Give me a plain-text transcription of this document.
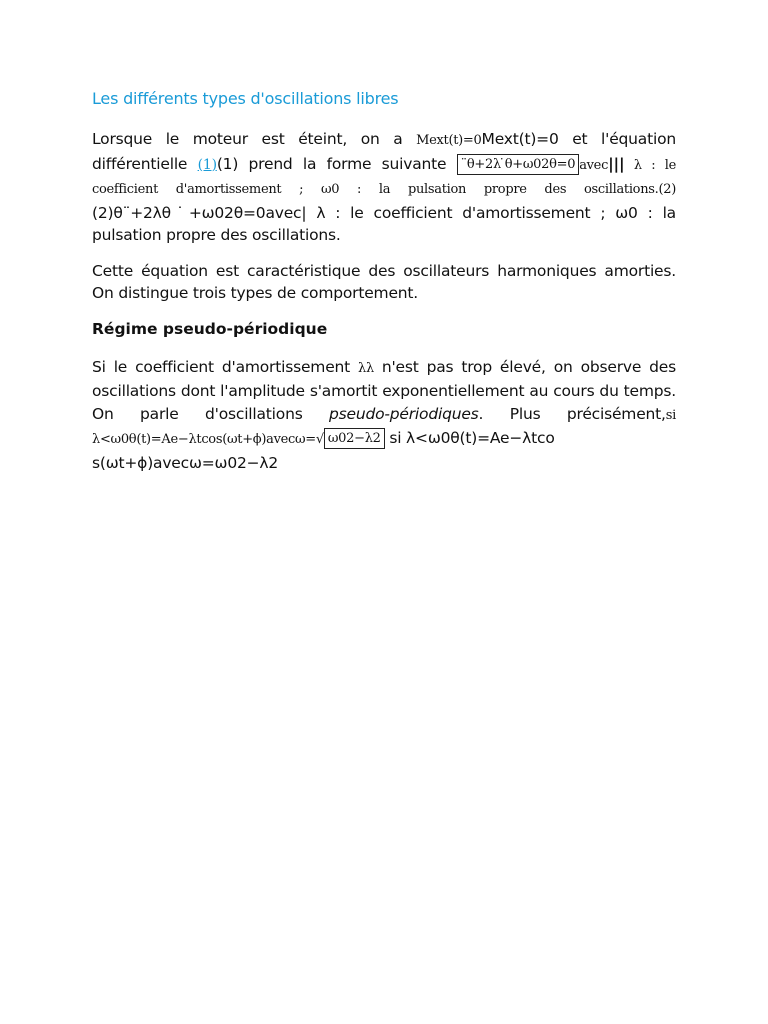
Les différents types d'oscillations libres

Lorsque le moteur est éteint, on a Mext(t)=0Mext(t)=0 et l'équation différentielle (1)(1) prend la forme suivante ¨θ+2λ ̇θ+ω02θ=0 avec||| λ : le coefficient d'amortissement ; ω0 : la pulsation propre des oscillations.(2) (2)θ¨+2λθ˙+ω02θ=0avec| λ : le coefficient d'amortissement ; ω0 : la pulsation propre des oscillations.

Cette équation est caractéristique des oscillateurs harmoniques amorties. On distingue trois types de comportement.

Régime pseudo-périodique

Si le coefficient d'amortissement λλ n'est pas trop élevé, on observe des oscillations dont l'amplitude s'amortit exponentiellement au cours du temps. On parle d'oscillations pseudo-périodiques. Plus précisément,si λ<ω0θ(t)=Ae−λtcos(ωt+ϕ)avecω=√ ω02−λ2 si λ<ω0θ(t)=Ae−λtco
s(ωt+ϕ)avecω=ω02−λ2
